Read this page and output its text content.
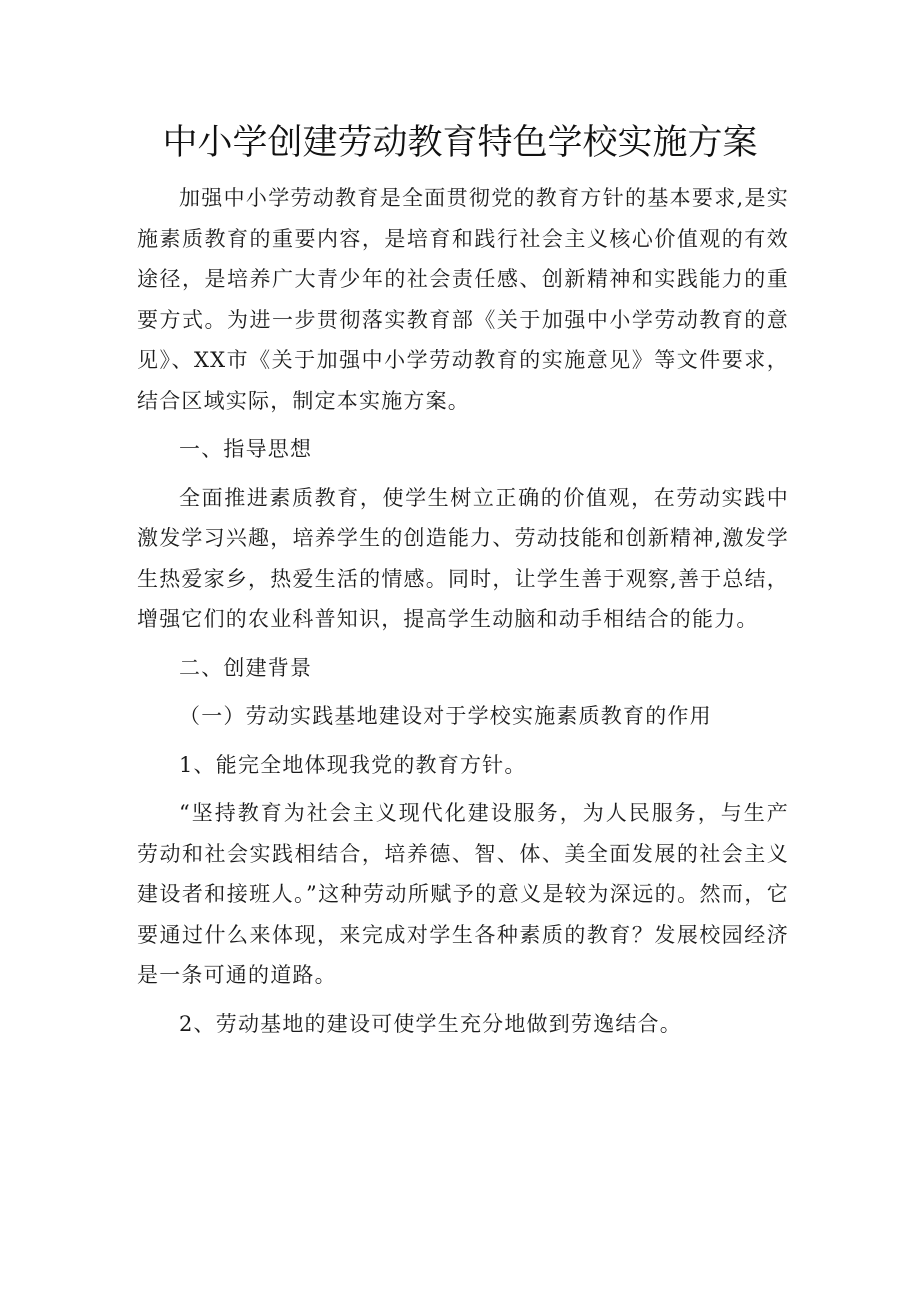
中小学创建劳动教育特色学校实施方案

加强中小学劳动教育是全面贯彻党的教育方针的基本要求,是实施素质教育的重要内容，是培育和践行社会主义核心价值观的有效途径，是培养广大青少年的社会责任感、创新精神和实践能力的重要方式。为进一步贯彻落实教育部《关于加强中小学劳动教育的意见》、XX市《关于加强中小学劳动教育的实施意见》等文件要求，结合区域实际，制定本实施方案。

一、指导思想

全面推进素质教育，使学生树立正确的价值观，在劳动实践中激发学习兴趣，培养学生的创造能力、劳动技能和创新精神,激发学生热爱家乡，热爱生活的情感。同时，让学生善于观察,善于总结，增强它们的农业科普知识，提高学生动脑和动手相结合的能力。

二、创建背景

（一）劳动实践基地建设对于学校实施素质教育的作用

1、能完全地体现我党的教育方针。

“坚持教育为社会主义现代化建设服务，为人民服务，与生产劳动和社会实践相结合，培养德、智、体、美全面发展的社会主义建设者和接班人。”这种劳动所赋予的意义是较为深远的。然而，它要通过什么来体现，来完成对学生各种素质的教育？发展校园经济是一条可通的道路。

2、劳动基地的建设可使学生充分地做到劳逸结合。
